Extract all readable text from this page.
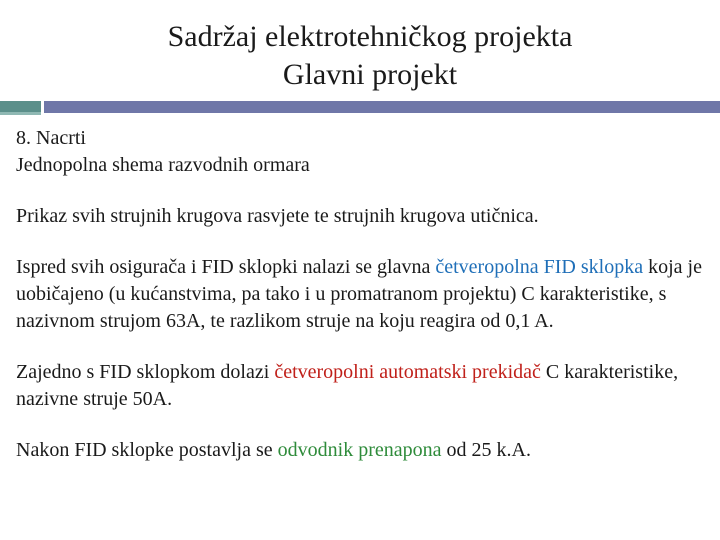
Sadržaj elektrotehničkog projekta
Glavni projekt
8. Nacrti
Jednopolna shema razvodnih ormara

Prikaz svih strujnih krugova rasvjete te strujnih krugova utičnica.

Ispred svih osigurača i FID sklopki nalazi se glavna četveropolna FID sklopka koja je uobičajeno (u kućanstvima, pa tako i u promatranom projektu) C karakteristike, s nazivnom strujom 63A, te razlikom struje na koju reagira od 0,1 A.

Zajedno s FID sklopkom dolazi četveropolni automatski prekidač C karakteristike, nazivne struje 50A.

Nakon FID sklopke postavlja se odvodnik prenapona od 25 k.A.
